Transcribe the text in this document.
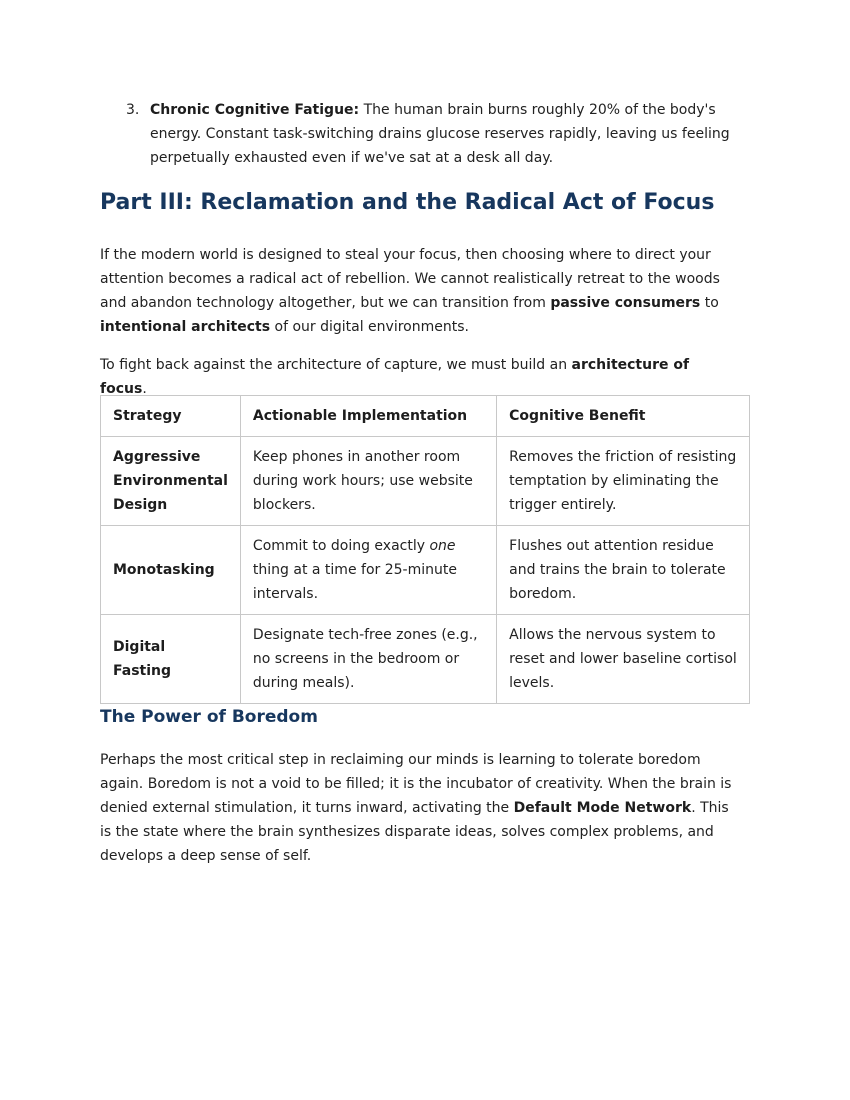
3. Chronic Cognitive Fatigue: The human brain burns roughly 20% of the body's energy. Constant task-switching drains glucose reserves rapidly, leaving us feeling perpetually exhausted even if we've sat at a desk all day.
Part III: Reclamation and the Radical Act of Focus

If the modern world is designed to steal your focus, then choosing where to direct your attention becomes a radical act of rebellion. We cannot realistically retreat to the woods and abandon technology altogether, but we can transition from passive consumers to intentional architects of our digital environments.

To fight back against the architecture of capture, we must build an architecture of focus.

Strategy	Actionable Implementation	Cognitive Benefit
Aggressive Environmental Design	Keep phones in another room during work hours; use website blockers.	Removes the friction of resisting temptation by eliminating the trigger entirely.
Monotasking	Commit to doing exactly one thing at a time for 25-minute intervals.	Flushes out attention residue and trains the brain to tolerate boredom.
Digital Fasting	Designate tech-free zones (e.g., no screens in the bedroom or during meals).	Allows the nervous system to reset and lower baseline cortisol levels.
The Power of Boredom

Perhaps the most critical step in reclaiming our minds is learning to tolerate boredom again. Boredom is not a void to be filled; it is the incubator of creativity. When the brain is denied external stimulation, it turns inward, activating the Default Mode Network. This is the state where the brain synthesizes disparate ideas, solves complex problems, and develops a deep sense of self.
